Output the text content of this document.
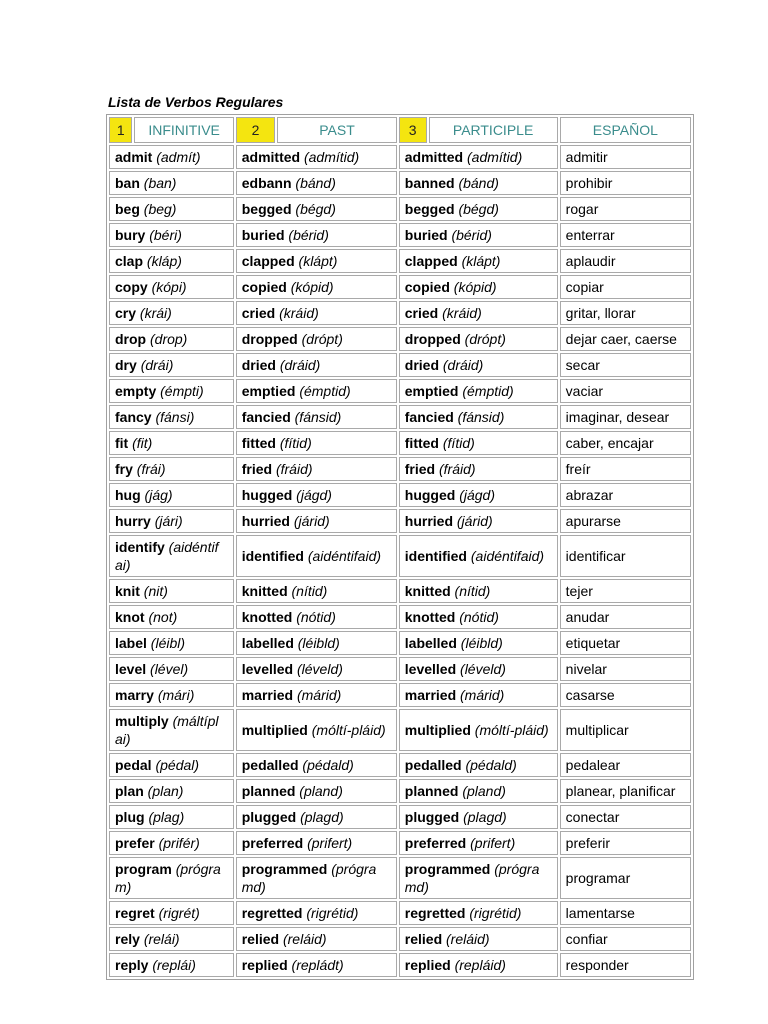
Lista de Verbos Regulares
1	INFINITIVE	2	PAST	3	PARTICIPLE	ESPAÑOL
admit (admít)		admitted (admítid)		admitted (admítid)		admitir
ban (ban)		edbann (bánd)		banned (bánd)		prohibir
beg (beg)		begged (bégd)		begged (bégd)		rogar
bury (béri)		buried (bérid)		buried (bérid)		enterrar
clap (kláp)		clapped (klápt)		clapped (klápt)		aplaudir
copy (kópi)		copied (kópid)		copied (kópid)		copiar
cry (krái)		cried (kráid)		cried (kráid)		gritar, llorar
drop (drop)		dropped (drópt)		dropped (drópt)		dejar caer, caerse
dry (drái)		dried (dráid)		dried (dráid)		secar
empty (émpti)		emptied (émptid)		emptied (émptid)		vaciar
fancy (fánsi)		fancied (fánsid)		fancied (fánsid)		imaginar, desear
fit (fit)		fitted (fítid)		fitted (fítid)		caber, encajar
fry (frái)		fried (fráid)		fried (fráid)		freír
hug (jág)		hugged (jágd)		hugged (jágd)		abrazar
hurry (jári)		hurried (járid)		hurried (járid)		apurarse
identify (aidéntif ai)		identified (aidéntifaid)		identified (aidéntifaid)		identificar
knit (nit)		knitted (nítid)		knitted (nítid)		tejer
knot (not)		knotted (nótid)		knotted (nótid)		anudar
label (léibl)		labelled (léibld)		labelled (léibld)		etiquetar
level (lével)		levelled (léveld)		levelled (léveld)		nivelar
marry (mári)		married (márid)		married (márid)		casarse
multiply (máltípl ai)		multiplied (móltí-pláid)		multiplied (móltí-pláid)		multiplicar
pedal (pédal)		pedalled (pédald)		pedalled (pédald)		pedalear
plan (plan)		planned (pland)		planned (pland)		planear, planificar
plug (plag)		plugged (plagd)		plugged (plagd)		conectar
prefer (prifér)		preferred (prifert)		preferred (prifert)		preferir
program (prógra m)		programmed (prógra md)		programmed (prógra md)		programar
regret (rigrét)		regretted (rigrétid)		regretted (rigrétid)		lamentarse
rely (relái)		relied (reláid)		relied (reláid)		confiar
reply (replái)		replied (repládt)		replied (repláid)		responder
